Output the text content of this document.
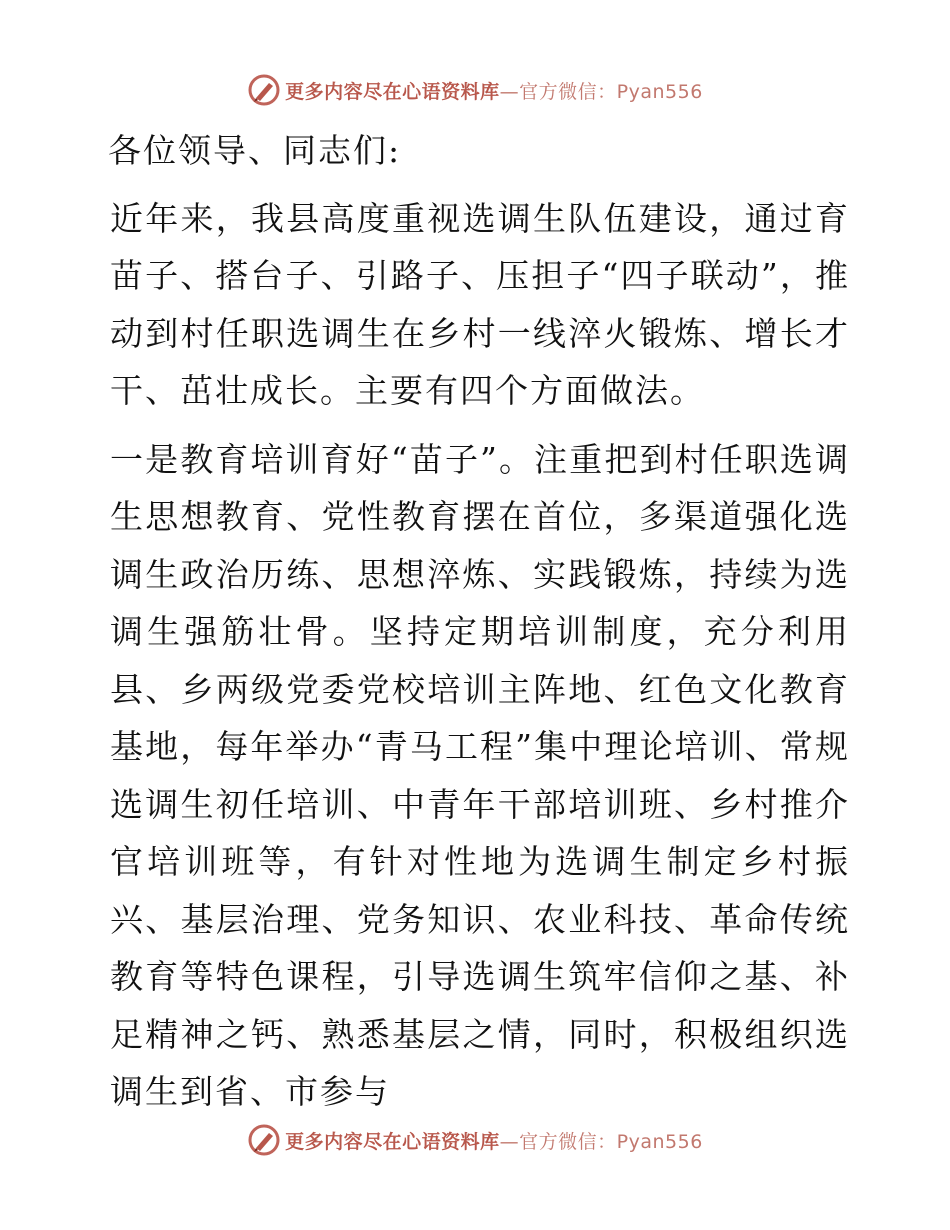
更多内容尽在心语资料库—官方微信：Pyan556

各位领导、同志们:

近年来，我县高度重视选调生队伍建设，通过育苗子、搭台子、引路子、压担子“四子联动”，推动到村任职选调生在乡村一线淬火锻炼、增长才干、茁壮成长。主要有四个方面做法。

一是教育培训育好“苗子”。注重把到村任职选调生思想教育、党性教育摆在首位，多渠道强化选调生政治历练、思想淬炼、实践锻炼，持续为选调生强筋壮骨。坚持定期培训制度，充分利用县、乡两级党委党校培训主阵地、红色文化教育基地，每年举办“青马工程”集中理论培训、常规选调生初任培训、中青年干部培训班、乡村推介官培训班等，有针对性地为选调生制定乡村振兴、基层治理、党务知识、农业科技、革命传统教育等特色课程，引导选调生筑牢信仰之基、补足精神之钙、熟悉基层之情，同时，积极组织选调生到省、市参与

更多内容尽在心语资料库—官方微信：Pyan556
